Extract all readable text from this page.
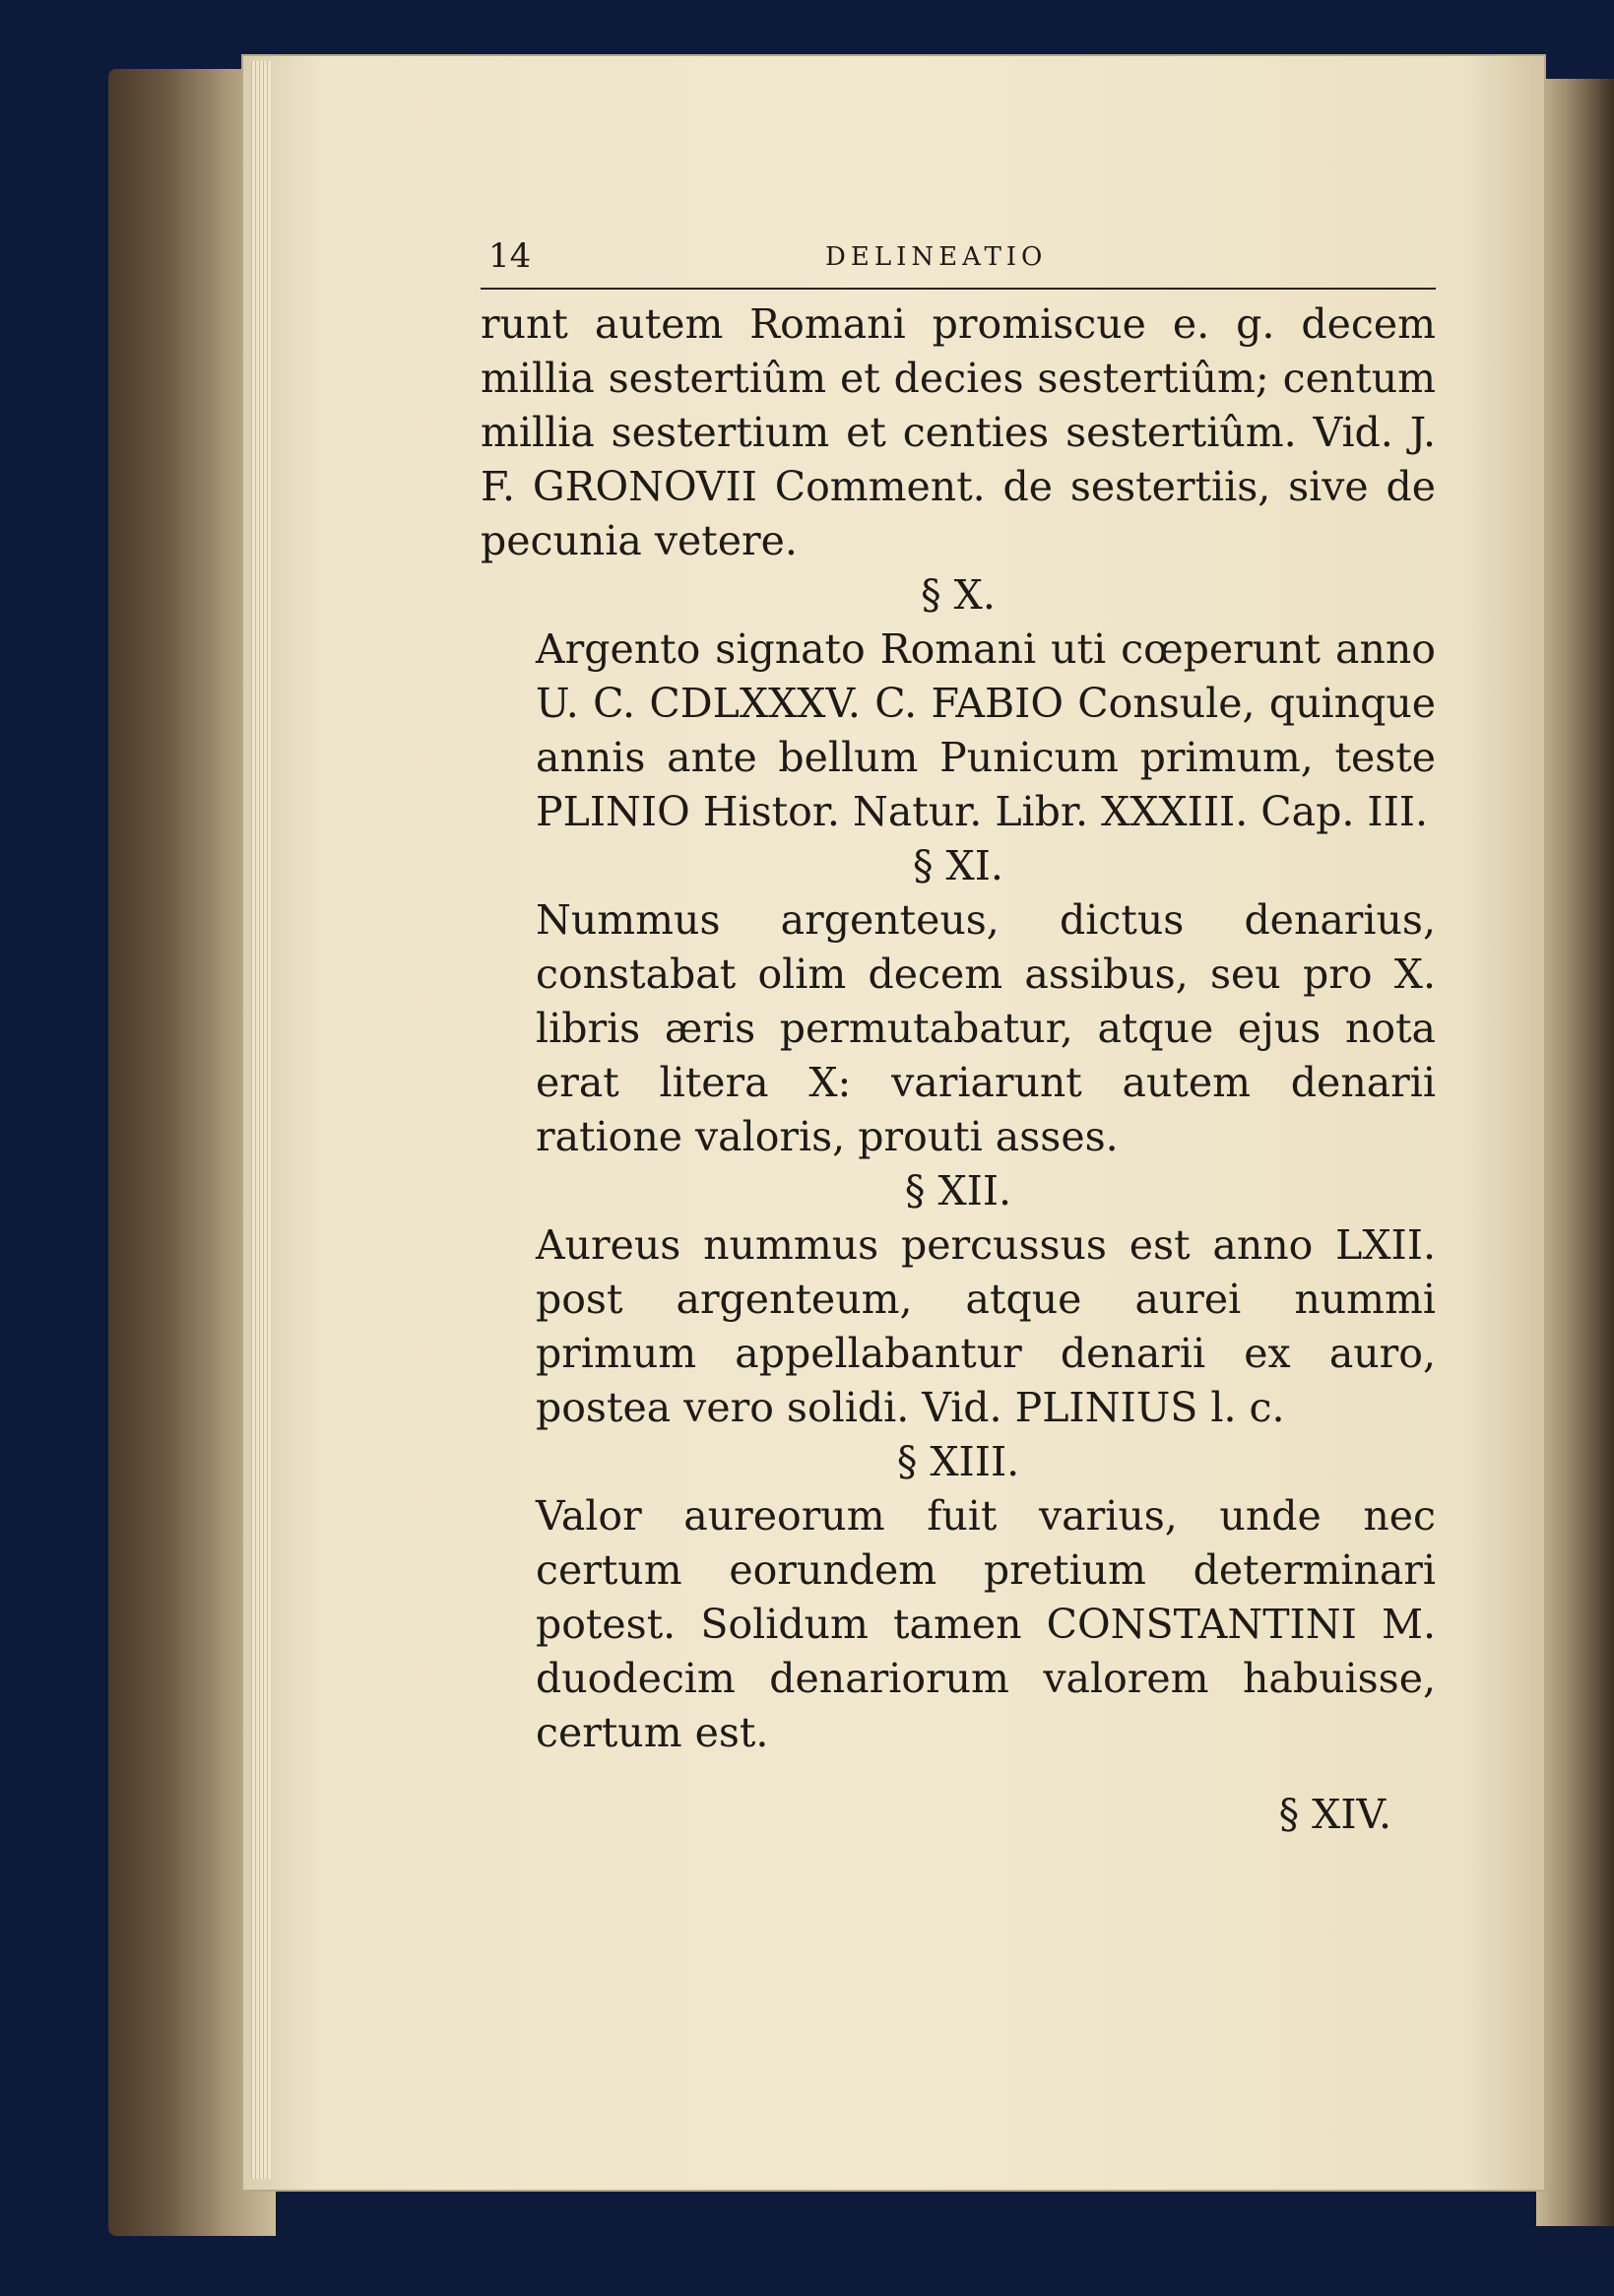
14	DELINEATIO

runt autem Romani promiscue e. g. decem millia sestertiûm et decies sestertiûm; centum millia sestertium et centies sestertiûm. Vid. J. F. GRONOVII Comment. de sestertiis, sive de pecunia vetere.

§ X.

Argento signato Romani uti cœperunt anno U. C. CDLXXXV. C. FABIO Consule, quinque annis ante bellum Punicum primum, teste PLINIO Histor. Natur. Libr. XXXIII. Cap. III.

§ XI.

Nummus argenteus, dictus denarius, constabat olim decem assibus, seu pro X. libris æris permutabatur, atque ejus nota erat litera X: variarunt autem denarii ratione valoris, prouti asses.

§ XII.

Aureus nummus percussus est anno LXII. post argenteum, atque aurei nummi primum appellabantur denarii ex auro, postea vero solidi. Vid. PLINIUS l. c.

§ XIII.

Valor aureorum fuit varius, unde nec certum eorundem pretium determinari potest. Solidum tamen CONSTANTINI M. duodecim denariorum valorem habuisse, certum est.

§ XIV.
